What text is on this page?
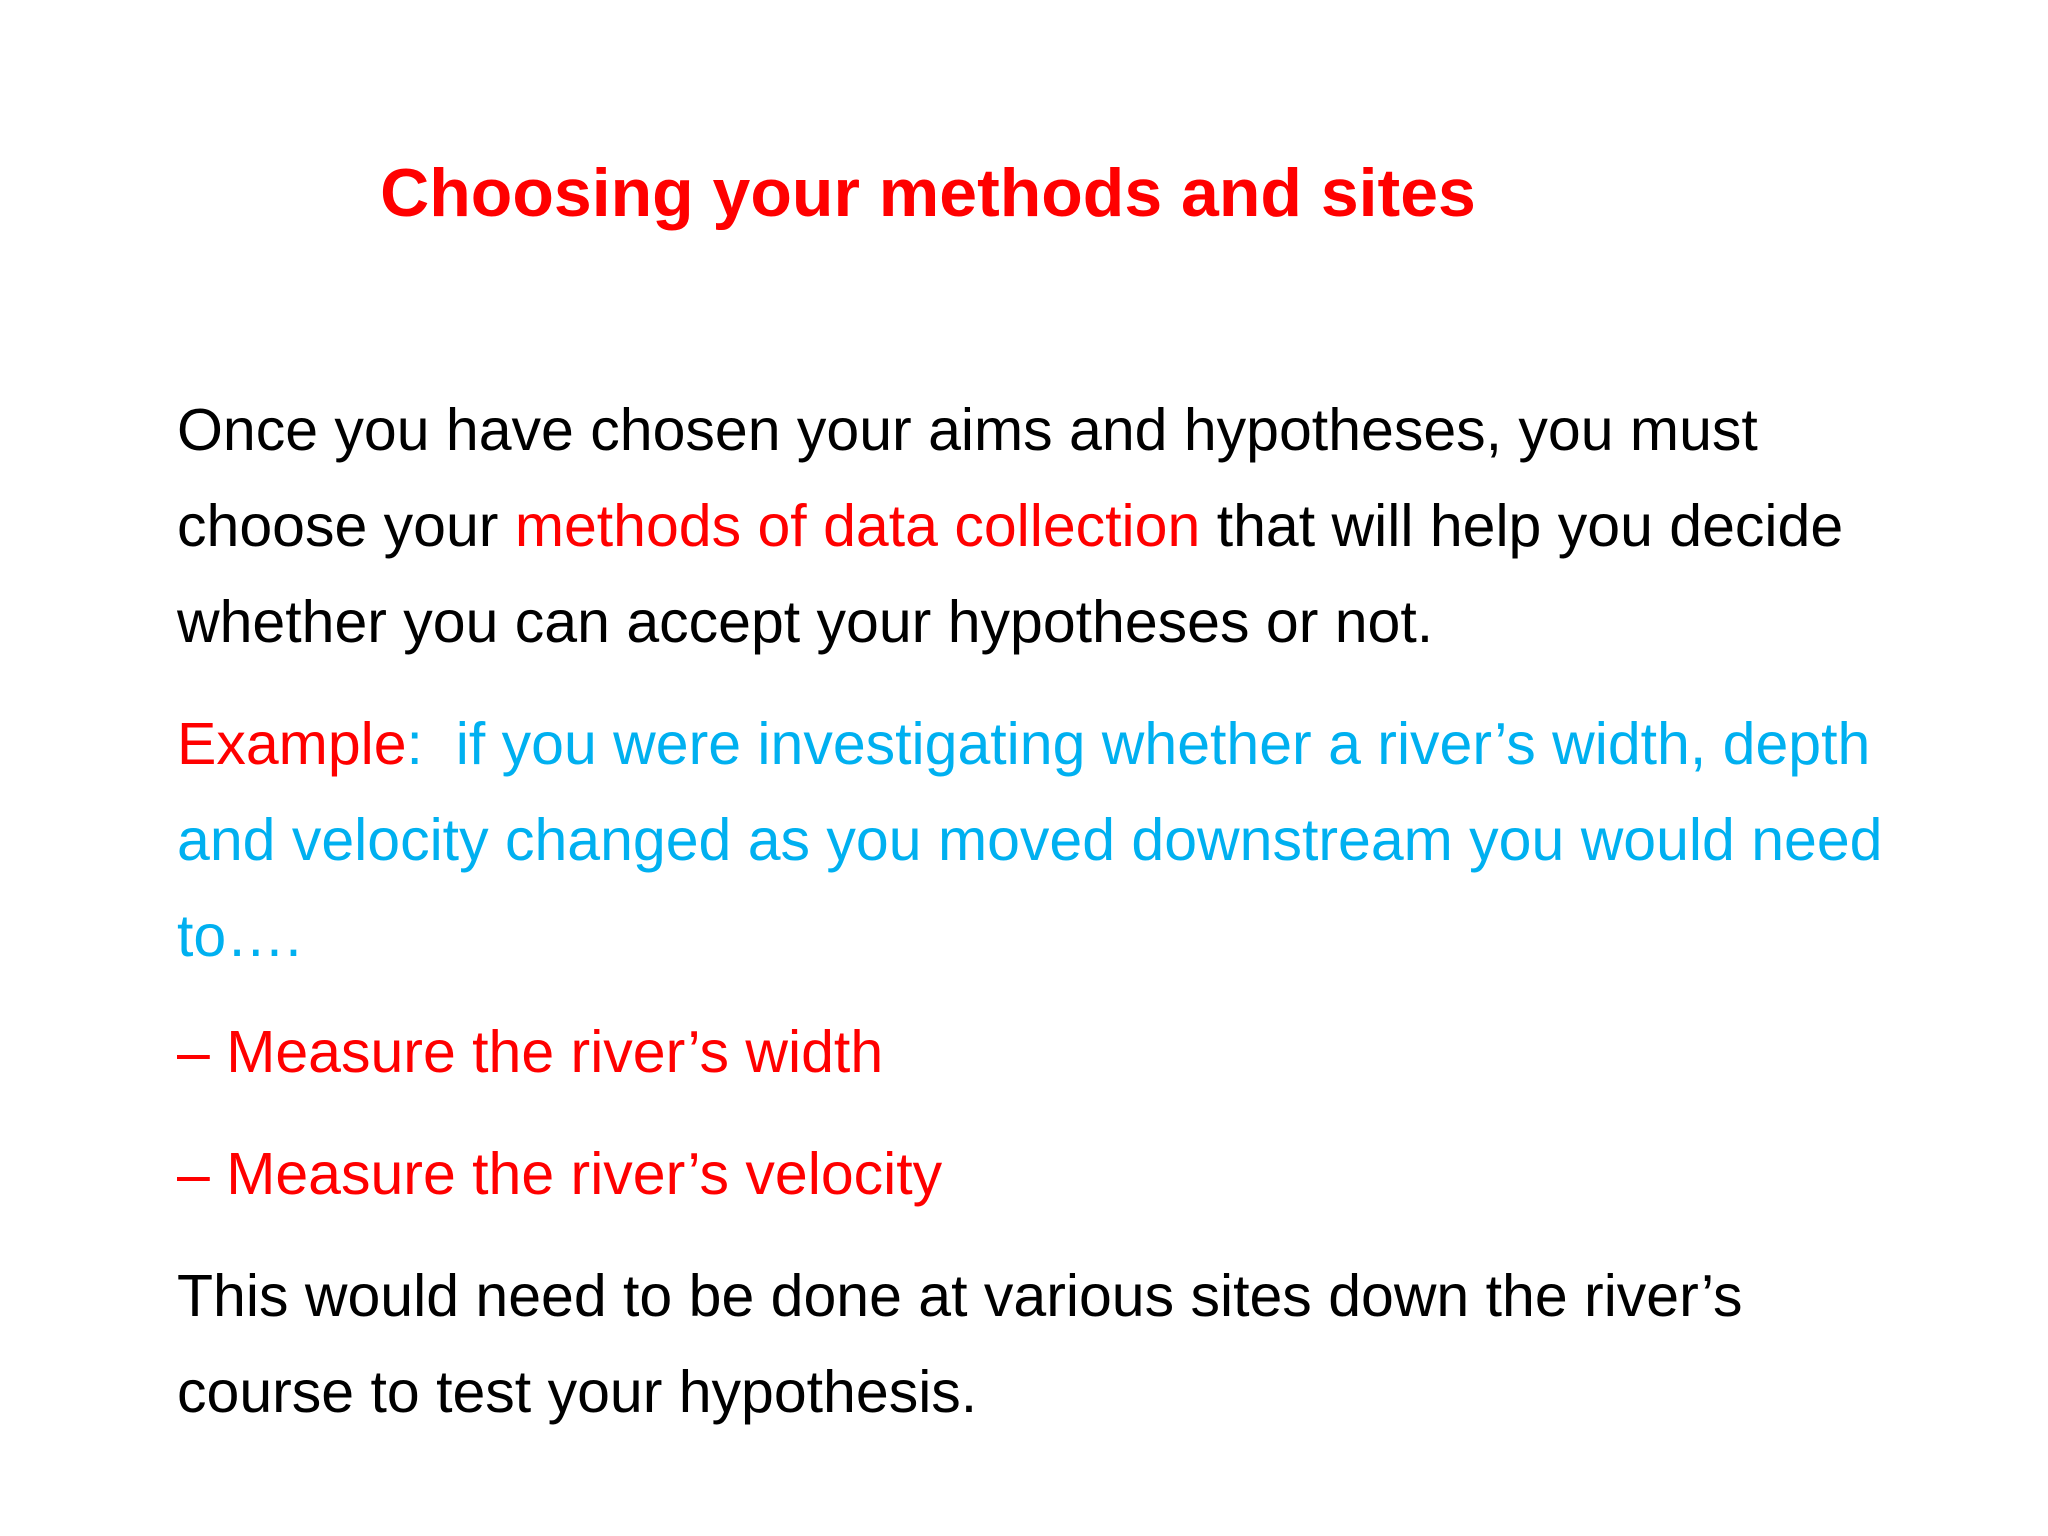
Choosing your methods and sites

Once you have chosen your aims and hypotheses, you must choose your methods of data collection that will help you decide whether you can accept your hypotheses or not.

Example:  if you were investigating whether a river’s width, depth and velocity changed as you moved downstream you would need to….

– Measure the river’s width

– Measure the river’s velocity

This would need to be done at various sites down the river’s course to test your hypothesis.
